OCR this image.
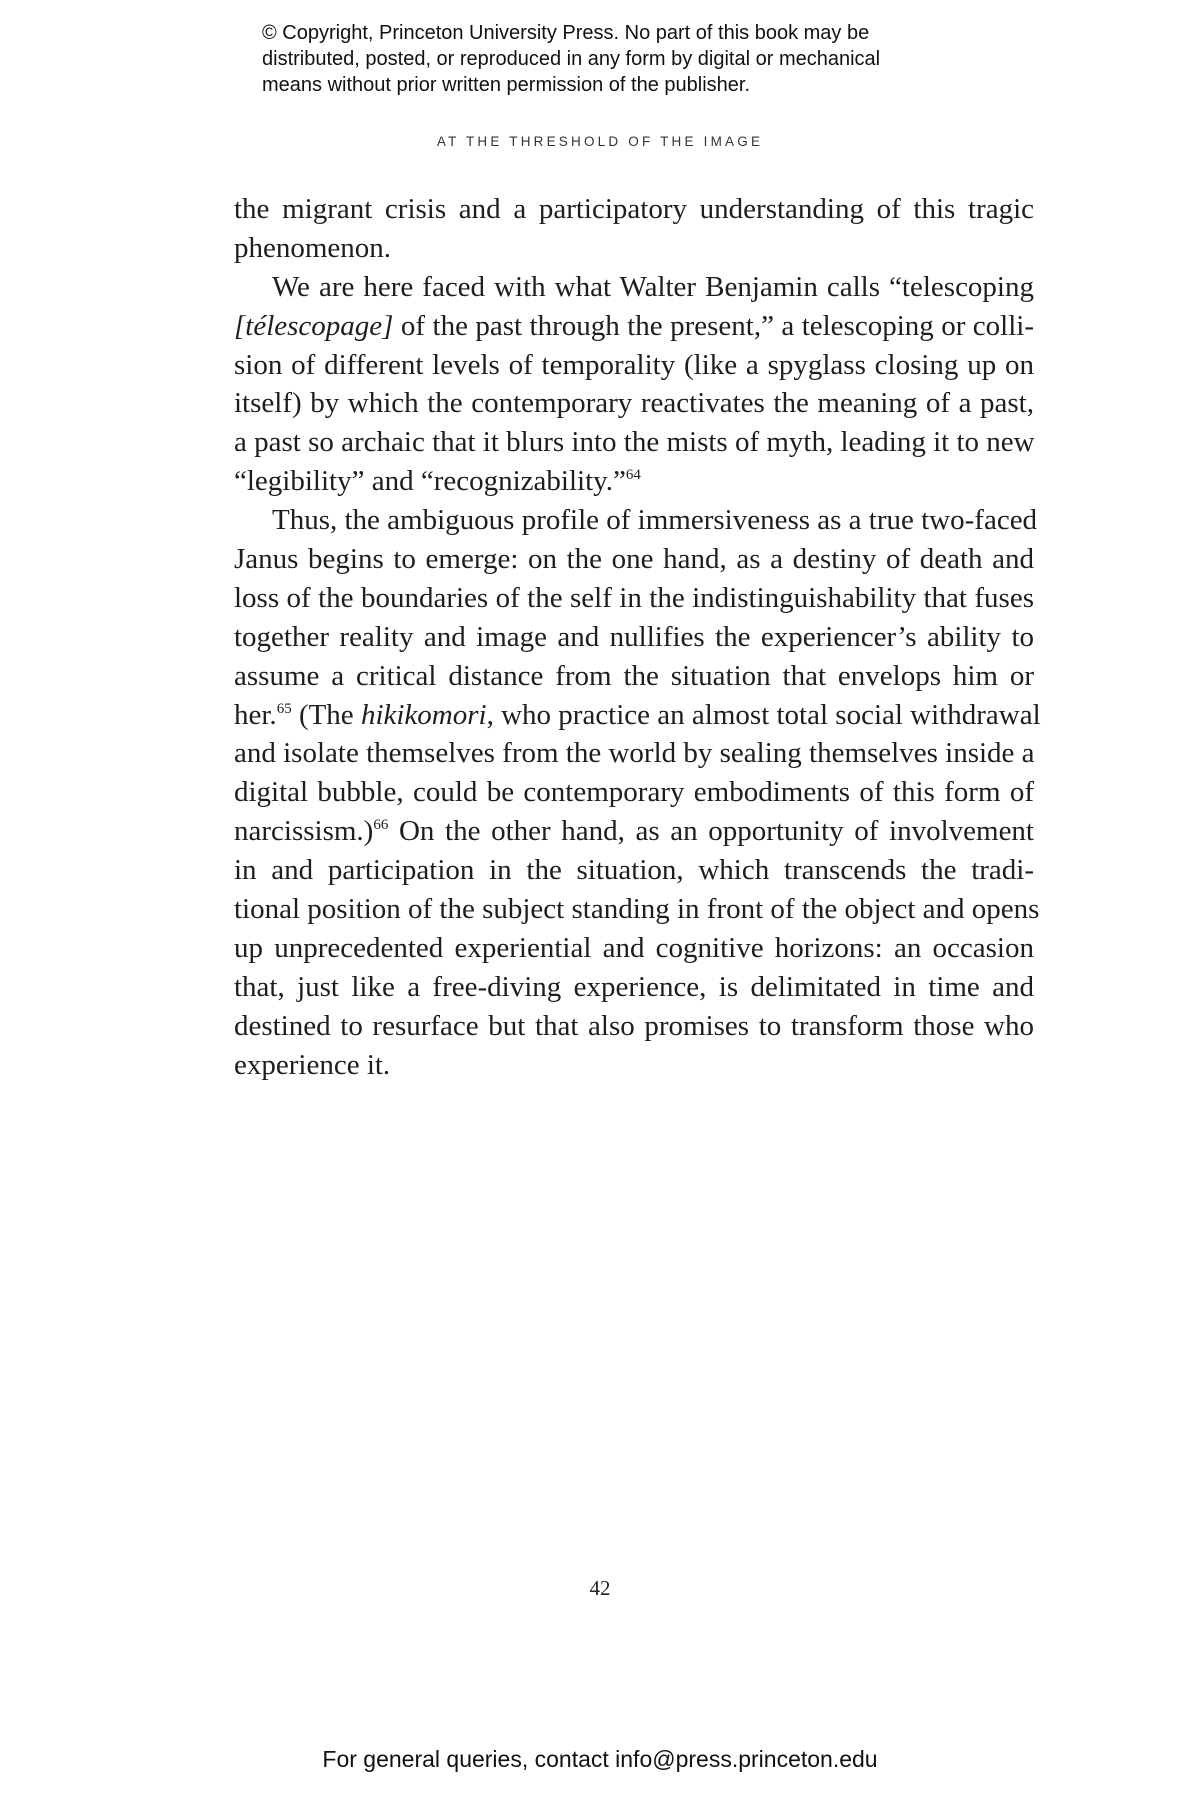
© Copyright, Princeton University Press. No part of this book may be
distributed, posted, or reproduced in any form by digital or mechanical
means without prior written permission of the publisher.
AT THE THRESHOLD OF THE IMAGE
the migrant crisis and a participatory understanding of this tragic
phenomenon.
We are here faced with what Walter Benjamin calls “telescoping
[télescopage] of the past through the present,” a telescoping or colli-
sion of different levels of temporality (like a spyglass closing up on
itself) by which the contemporary reactivates the meaning of a past,
a past so archaic that it blurs into the mists of myth, leading it to new
“legibility” and “recognizability.”$^{64}$
Thus, the ambiguous profile of immersiveness as a true two-faced
Janus begins to emerge: on the one hand, as a destiny of death and
loss of the boundaries of the self in the indistinguishability that fuses
together reality and image and nullifies the experiencer’s ability to
assume a critical distance from the situation that envelops him or
her.$^{65}$ (The hikikomori, who practice an almost total social withdrawal
and isolate themselves from the world by sealing themselves inside a
digital bubble, could be contemporary embodiments of this form of
narcissism.)$^{66}$ On the other hand, as an opportunity of involvement
in and participation in the situation, which transcends the tradi-
tional position of the subject standing in front of the object and opens
up unprecedented experiential and cognitive horizons: an occasion
that, just like a free-diving experience, is delimitated in time and
destined to resurface but that also promises to transform those who
experience it.
42
For general queries, contact info@press.princeton.edu
